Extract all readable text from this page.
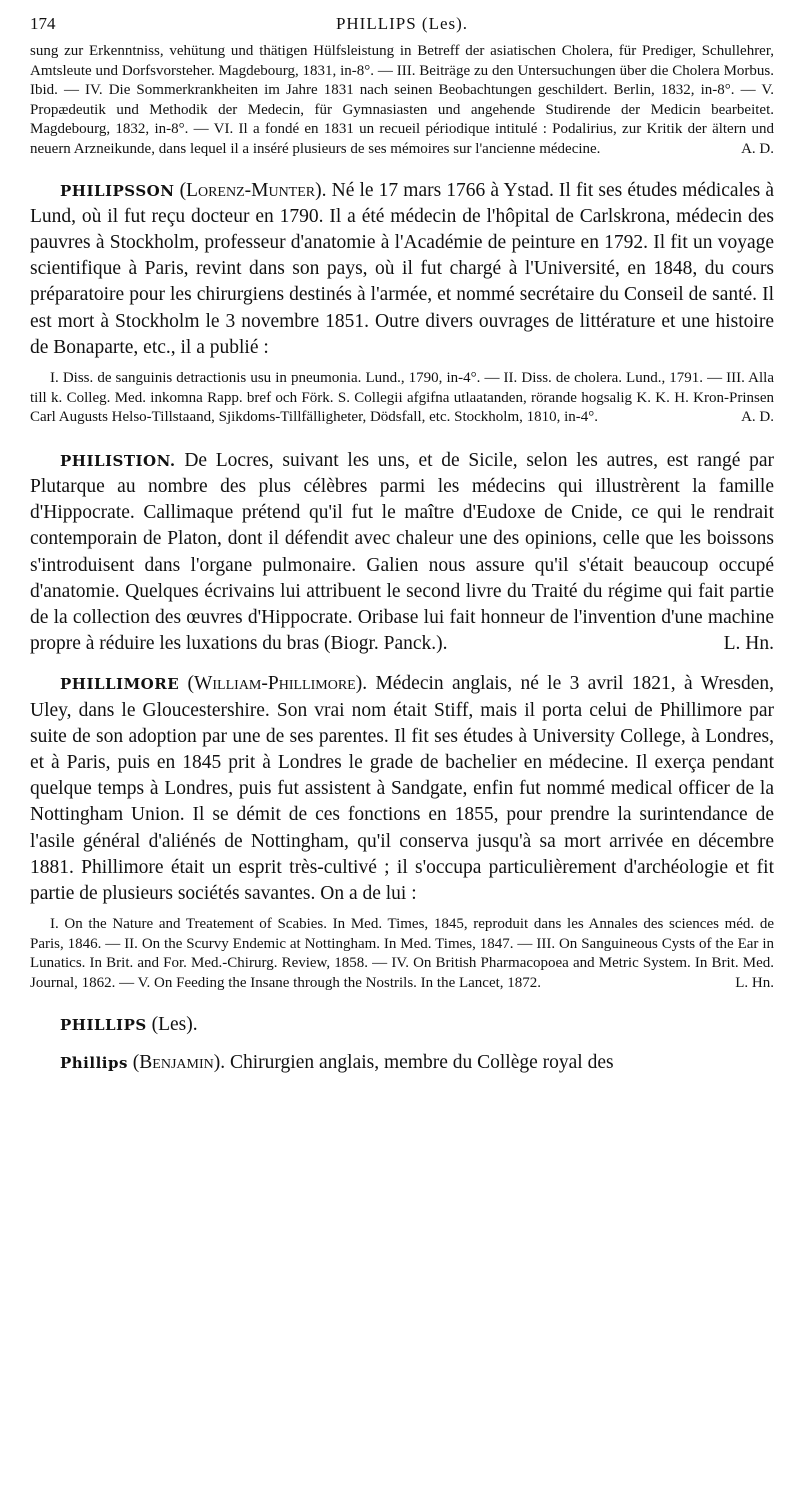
174	PHILLIPS (Les).

sung zur Erkenntniss, vehütung und thätigen Hülfsleistung in Betreff der asiatischen Cholera, für Prediger, Schullehrer, Amtsleute und Dorfsvorsteher. Magdebourg, 1831, in-8°. — III. Beiträge zu den Untersuchungen über die Cholera Morbus. Ibid. — IV. Die Sommerkrankheiten im Jahre 1831 nach seinen Beobachtungen geschildert. Berlin, 1832, in-8°. — V. Propædeutik und Methodik der Medecin, für Gymnasiasten und angehende Studirende der Medicin bearbeitet. Magdebourg, 1832, in-8°. — VI. Il a fondé en 1831 un recueil périodique intitulé : Podalirius, zur Kritik der ältern und neuern Arzneikunde, dans lequel il a inséré plusieurs de ses mémoires sur l'ancienne médecine.	A. D.

PHILIPSSON (Lorenz-Munter). Né le 17 mars 1766 à Ystad. Il fit ses études médicales à Lund, où il fut reçu docteur en 1790. Il a été médecin de l'hôpital de Carlskrona, médecin des pauvres à Stockholm, professeur d'anatomie à l'Académie de peinture en 1792. Il fit un voyage scientifique à Paris, revint dans son pays, où il fut chargé à l'Université, en 1848, du cours préparatoire pour les chirurgiens destinés à l'armée, et nommé secrétaire du Conseil de santé. Il est mort à Stockholm le 3 novembre 1851. Outre divers ouvrages de littérature et une histoire de Bonaparte, etc., il a publié :

I. Diss. de sanguinis detractionis usu in pneumonia. Lund., 1790, in-4°. — II. Diss. de cholera. Lund., 1791. — III. Alla till k. Colleg. Med. inkomna Rapp. bref och Förk. S. Collegii afgifna utlaatanden, rörande hogsalig K. K. H. Kron-Prinsen Carl Augusts Helso-Tillstaand, Sjikdoms-Tillfälligheter, Dödsfall, etc. Stockholm, 1810, in-4°.	A. D.

PHILISTION. De Locres, suivant les uns, et de Sicile, selon les autres, est rangé par Plutarque au nombre des plus célèbres parmi les médecins qui illustrèrent la famille d'Hippocrate. Callimaque prétend qu'il fut le maître d'Eudoxe de Cnide, ce qui le rendrait contemporain de Platon, dont il défendit avec chaleur une des opinions, celle que les boissons s'introduisent dans l'organe pulmonaire. Galien nous assure qu'il s'était beaucoup occupé d'anatomie. Quelques écrivains lui attribuent le second livre du Traité du régime qui fait partie de la collection des œuvres d'Hippocrate. Oribase lui fait honneur de l'invention d'une machine propre à réduire les luxations du bras (Biogr. Panck.).	L. Hn.

PHILLIMORE (William-Phillimore). Médecin anglais, né le 3 avril 1821, à Wresden, Uley, dans le Gloucestershire. Son vrai nom était Stiff, mais il porta celui de Phillimore par suite de son adoption par une de ses parentes. Il fit ses études à University College, à Londres, et à Paris, puis en 1845 prit à Londres le grade de bachelier en médecine. Il exerça pendant quelque temps à Londres, puis fut assistent à Sandgate, enfin fut nommé medical officer de la Nottingham Union. Il se démit de ces fonctions en 1855, pour prendre la surintendance de l'asile général d'aliénés de Nottingham, qu'il conserva jusqu'à sa mort arrivée en décembre 1881. Phillimore était un esprit très-cultivé ; il s'occupa particulièrement d'archéologie et fit partie de plusieurs sociétés savantes. On a de lui :

I. On the Nature and Treatement of Scabies. In Med. Times, 1845, reproduit dans les Annales des sciences méd. de Paris, 1846. — II. On the Scurvy Endemic at Nottingham. In Med. Times, 1847. — III. On Sanguineous Cysts of the Ear in Lunatics. In Brit. and For. Med.-Chirurg. Review, 1858. — IV. On British Pharmacopoea and Metric System. In Brit. Med. Journal, 1862. — V. On Feeding the Insane through the Nostrils. In the Lancet, 1872.	L. Hn.

PHILLIPS (Les).

Phillips (Benjamin). Chirurgien anglais, membre du Collège royal des
